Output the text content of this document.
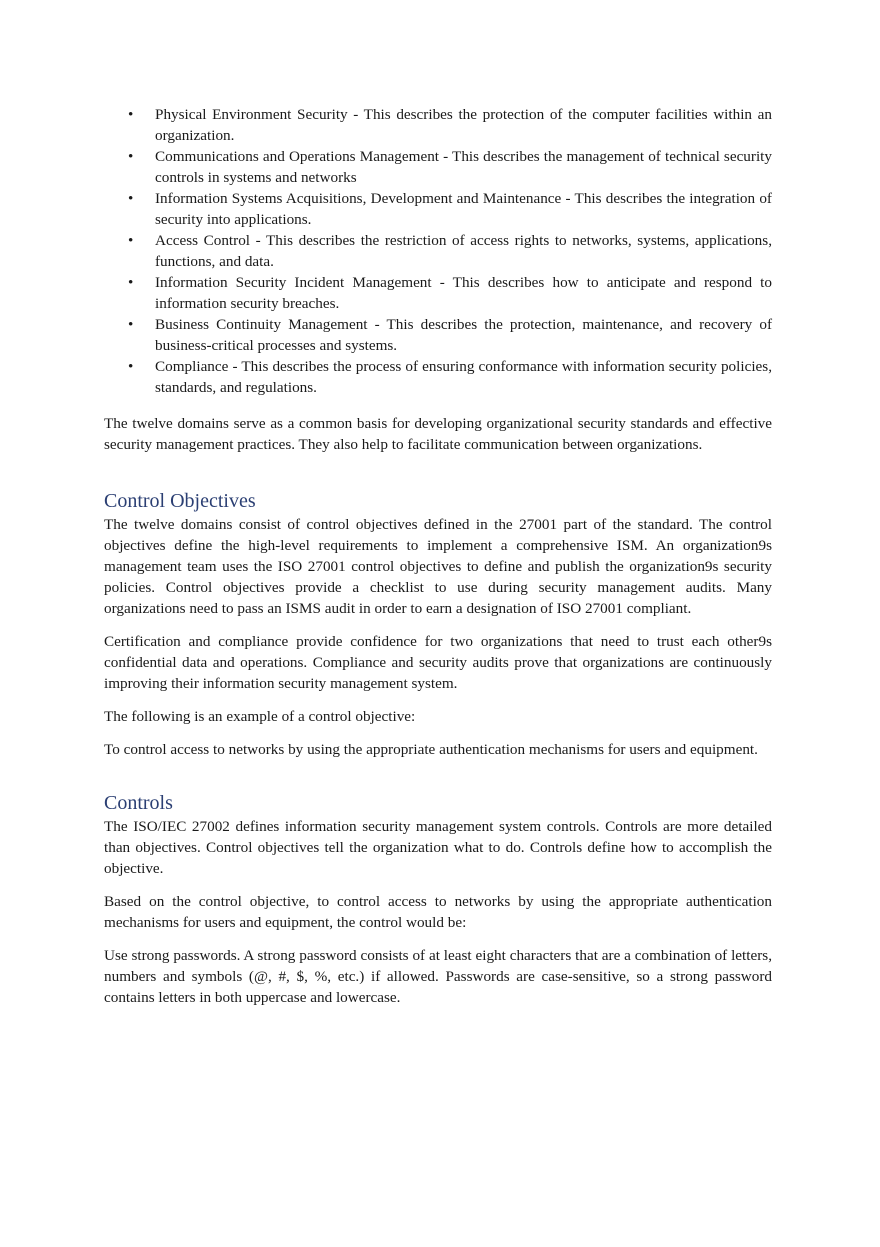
• Physical Environment Security - This describes the protection of the computer facilities within an organization.
• Communications and Operations Management - This describes the management of technical security controls in systems and networks
• Information Systems Acquisitions, Development and Maintenance - This describes the integration of security into applications.
• Access Control - This describes the restriction of access rights to networks, systems, applications, functions, and data.
• Information Security Incident Management - This describes how to anticipate and respond to information security breaches.
• Business Continuity Management - This describes the protection, maintenance, and recovery of business-critical processes and systems.
• Compliance - This describes the process of ensuring conformance with information security policies, standards, and regulations.

The twelve domains serve as a common basis for developing organizational security standards and effective security management practices. They also help to facilitate communication between organizations.

Control Objectives

The twelve domains consist of control objectives defined in the 27001 part of the standard. The control objectives define the high-level requirements to implement a comprehensive ISM. An organization9s management team uses the ISO 27001 control objectives to define and publish the organization9s security policies. Control objectives provide a checklist to use during security management audits. Many organizations need to pass an ISMS audit in order to earn a designation of ISO 27001 compliant.

Certification and compliance provide confidence for two organizations that need to trust each other9s confidential data and operations. Compliance and security audits prove that organizations are continuously improving their information security management system.

The following is an example of a control objective:

To control access to networks by using the appropriate authentication mechanisms for users and equipment.

Controls

The ISO/IEC 27002 defines information security management system controls. Controls are more detailed than objectives. Control objectives tell the organization what to do. Controls define how to accomplish the objective.

Based on the control objective, to control access to networks by using the appropriate authentication mechanisms for users and equipment, the control would be:

Use strong passwords. A strong password consists of at least eight characters that are a combination of letters, numbers and symbols (@, #, $, %, etc.) if allowed. Passwords are case-sensitive, so a strong password contains letters in both uppercase and lowercase.
